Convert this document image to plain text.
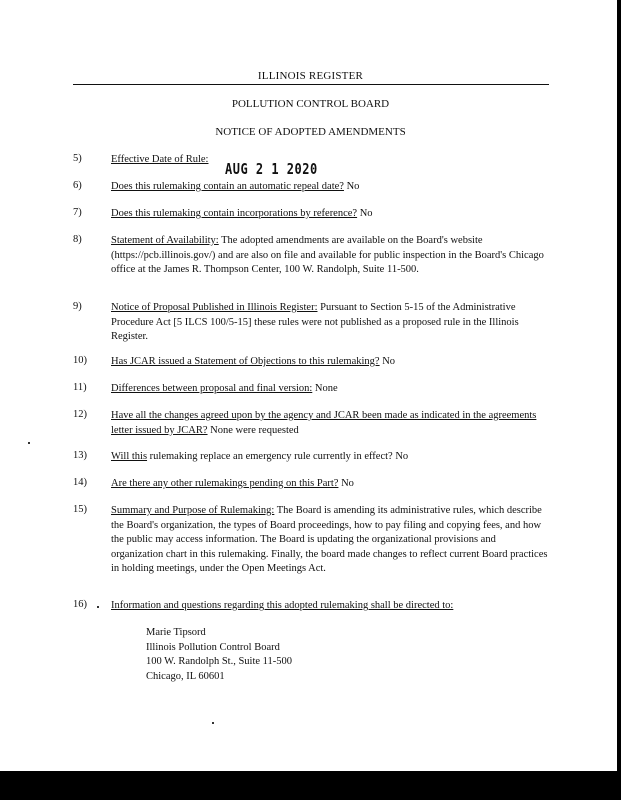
ILLINOIS REGISTER
POLLUTION CONTROL BOARD
NOTICE OF ADOPTED AMENDMENTS
5)	Effective Date of Rule:
AUG 2 1 2020
6)	Does this rulemaking contain an automatic repeal date? No
7)	Does this rulemaking contain incorporations by reference? No
8)	Statement of Availability: The adopted amendments are available on the Board's website (https://pcb.illinois.gov/) and are also on file and available for public inspection in the Board's Chicago office at the James R. Thompson Center, 100 W. Randolph, Suite 11-500.
9)	Notice of Proposal Published in Illinois Register: Pursuant to Section 5-15 of the Administrative Procedure Act [5 ILCS 100/5-15] these rules were not published as a proposed rule in the Illinois Register.
10)	Has JCAR issued a Statement of Objections to this rulemaking? No
11)	Differences between proposal and final version: None
12)	Have all the changes agreed upon by the agency and JCAR been made as indicated in the agreements letter issued by JCAR? None were requested
13)	Will this rulemaking replace an emergency rule currently in effect? No
14)	Are there any other rulemakings pending on this Part? No
15)	Summary and Purpose of Rulemaking: The Board is amending its administrative rules, which describe the Board's organization, the types of Board proceedings, how to pay filing and copying fees, and how the public may access information. The Board is updating the organizational provisions and organization chart in this rulemaking. Finally, the board made changes to reflect current Board practices in holding meetings, under the Open Meetings Act.
16)	Information and questions regarding this adopted rulemaking shall be directed to:
Marie Tipsord
Illinois Pollution Control Board
100 W. Randolph St., Suite 11-500
Chicago, IL 60601
